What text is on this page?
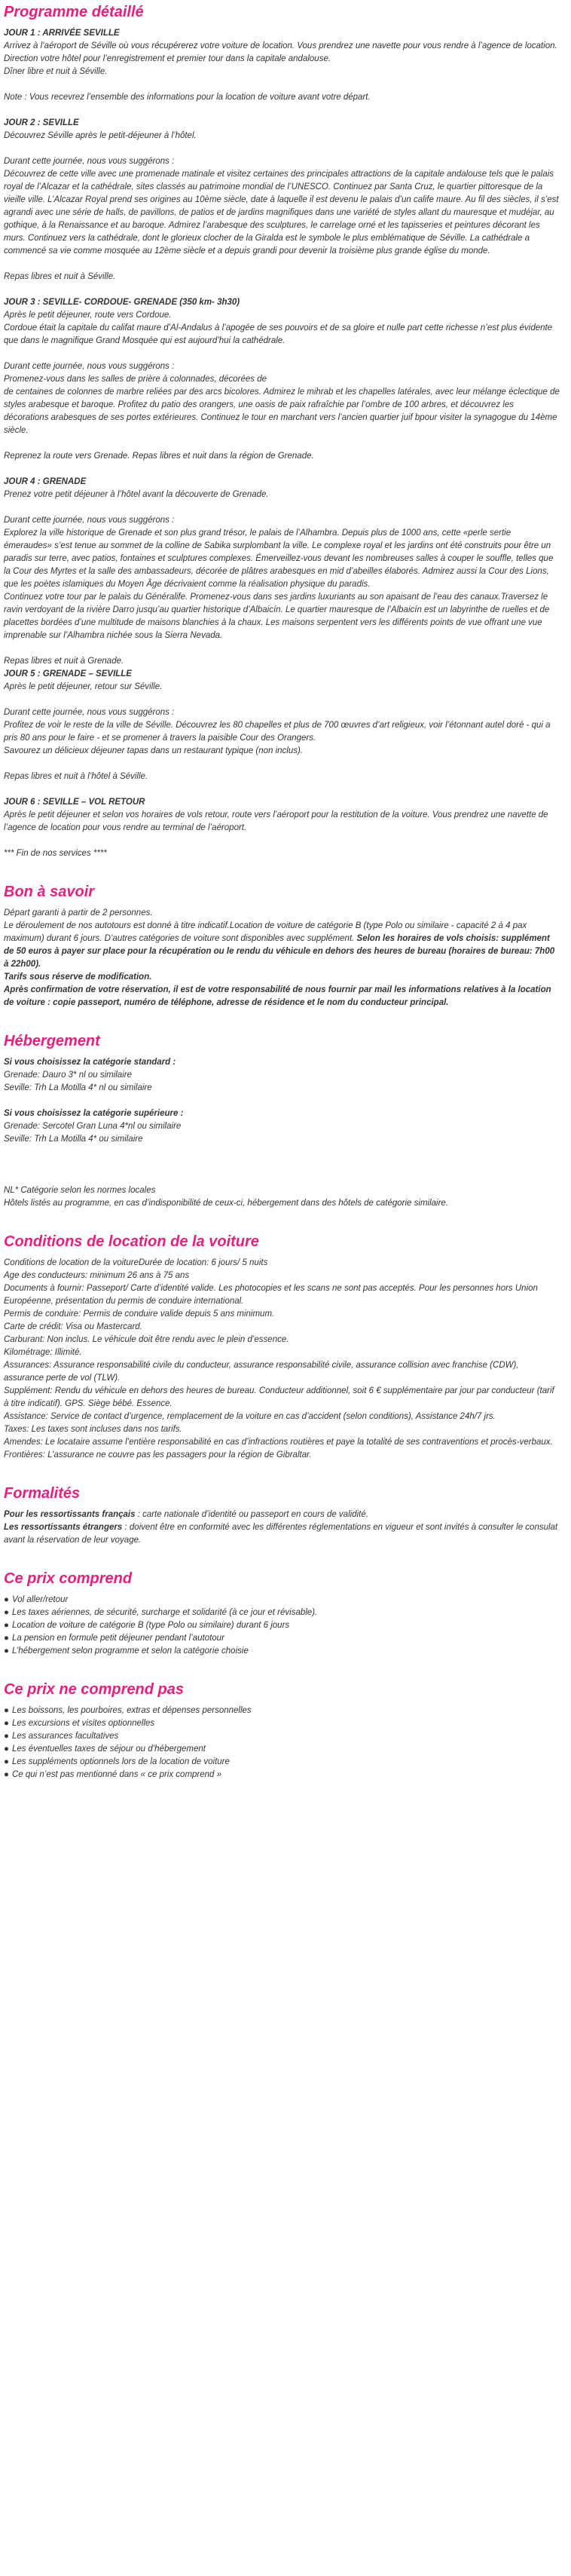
Programme détaillé
JOUR 1 : ARRIVÉE SEVILLE
Arrivez à l’aéroport de Séville où vous récupérerez votre voiture de location. Vous prendrez une navette pour vous rendre à l’agence de location.
Direction votre hôtel pour l’enregistrement et premier tour dans la capitale andalouse.
Dîner libre et nuit à Séville.
Note : Vous recevrez l’ensemble des informations pour la location de voiture avant votre départ.
JOUR 2 : SEVILLE
Découvrez Séville après le petit-déjeuner à l’hôtel.
Durant cette journée, nous vous suggérons :
Découvrez de cette ville avec une promenade matinale et visitez certaines des principales attractions de la capitale andalouse tels que le palais royal de l’Alcazar et la cathédrale, sites classés au patrimoine mondial de l’UNESCO. Continuez par Santa Cruz, le quartier pittoresque de la vieille ville. L’Alcazar Royal prend ses origines au 10ème siècle, date à laquelle il est devenu le palais d’un calife maure. Au fil des siècles, il s’est agrandi avec une série de halls, de pavillons, de patios et de jardins magnifiques dans une variété de styles allant du mauresque et mudéjar, au gothique, à la Renaissance et au baroque. Admirez l’arabesque des sculptures, le carrelage orné et les tapisseries et peintures décorant les murs. Continuez vers la cathédrale, dont le glorieux clocher de la Giralda est le symbole le plus emblématique de Séville. La cathédrale a commencé sa vie comme mosquée au 12ème siècle et a depuis grandi pour devenir la troisième plus grande église du monde.
Repas libres et nuit à Séville.
JOUR 3 : SEVILLE- CORDOUE- GRENADE (350 km- 3h30)
Après le petit déjeuner, route vers Cordoue.
Cordoue était la capitale du califat maure d’Al-Andalus à l’apogée de ses pouvoirs et de sa gloire et nulle part cette richesse n’est plus évidente que dans le magnifique Grand Mosquée qui est aujourd’hui la cathédrale.
Durant cette journée, nous vous suggérons :
Promenez-vous dans les salles de prière à colonnades, décorées de
de centaines de colonnes de marbre reliées par des arcs bicolores. Admirez le mihrab et les chapelles latérales, avec leur mélange éclectique de styles arabesque et baroque. Profitez du patio des orangers, une oasis de paix rafraîchie par l’ombre de 100 arbres, et découvrez les décorations arabesques de ses portes extérieures. Continuez le tour en marchant vers l’ancien quartier juif bpour visiter la synagogue du 14ème siècle.
Reprenez la route vers Grenade. Repas libres et nuit dans la région de Grenade.
JOUR 4 : GRENADE
Prenez votre petit déjeuner à l’hôtel avant la découverte de Grenade.
Durant cette journée, nous vous suggérons :
Explorez la ville historique de Grenade et son plus grand trésor, le palais de l’Alhambra. Depuis plus de 1000 ans, cette «perle sertie émeraudes» s’est tenue au sommet de la colline de Sabika surplombant la ville. Le complexe royal et les jardins ont été construits pour être un paradis sur terre, avec patios, fontaines et sculptures complexes. Émerveillez-vous devant les nombreuses salles à couper le souffle, telles que la Cour des Myrtes et la salle des ambassadeurs, décorée de plâtres arabesques en mid d’abeilles élaborés. Admirez aussi la Cour des Lions, que les poètes islamiques du Moyen Âge décrivaient comme la réalisation physique du paradis.
Continuez votre tour par le palais du Généralife. Promenez-vous dans ses jardins luxuriants au son apaisant de l’eau des canaux.Traversez le ravin verdoyant de la rivière Darro jusqu’au quartier historique d’Albaicín. Le quartier mauresque de l’Albaicín est un labyrinthe de ruelles et de placettes bordées d’une multitude de maisons blanchies à la chaux. Les maisons serpentent vers les différents points de vue offrant une vue imprenable sur l’Alhambra nichée sous la Sierra Nevada.
Repas libres et nuit à Grenade.
JOUR 5 : GRENADE – SEVILLE
Après le petit déjeuner, retour sur Séville.
Durant cette journée, nous vous suggérons :
Profitez de voir le reste de la ville de Séville. Découvrez les 80 chapelles et plus de 700 œuvres d’art religieux, voir l’étonnant autel doré - qui a pris 80 ans pour le faire - et se promener à travers la paisible Cour des Orangers.
Savourez un délicieux déjeuner tapas dans un restaurant typique (non inclus).
Repas libres et nuit à l’hôtel à Séville.
JOUR 6 : SEVILLE – VOL RETOUR
Après le petit déjeuner et selon vos horaires de vols retour, route vers l’aéroport pour la restitution de la voiture. Vous prendrez une navette de l’agence de location pour vous rendre au terminal de l’aéroport.
*** Fin de nos services ****
Bon à savoir
Départ garanti à partir de 2 personnes.
Le déroulement de nos autotours est donné à titre indicatif.Location de voiture de catégorie B (type Polo ou similaire - capacité 2 à 4 pax maximum) durant 6 jours. D’autres catégories de voiture sont disponibles avec supplément. Selon les horaires de vols choisis: supplément de 50 euros à payer sur place pour la récupération ou le rendu du véhicule en dehors des heures de bureau (horaires de bureau: 7h00 à 22h00).
Tarifs sous réserve de modification.
Après confirmation de votre réservation, il est de votre responsabilité de nous fournir par mail les informations relatives à la location de voiture : copie passeport, numéro de téléphone, adresse de résidence et le nom du conducteur principal.
Hébergement
Si vous choisissez la catégorie standard :
Grenade: Dauro 3* nl ou similaire
Seville: Trh La Motilla 4* nl ou similaire
Si vous choisissez la catégorie supérieure :
Grenade: Sercotel Gran Luna 4*nl ou similaire
Seville: Trh La Motilla 4* ou similaire
NL* Catégorie selon les normes locales
Hôtels listés au programme, en cas d’indisponibilité de ceux-ci, hébergement dans des hôtels de catégorie similaire.
Conditions de location de la voiture
Conditions de location de la voitureDurée de location: 6 jours/ 5 nuits
Age des conducteurs: minimum 26 ans à 75 ans
Documents à fournir: Passeport/ Carte d’identité valide. Les photocopies et les scans ne sont pas acceptés. Pour les personnes hors Union Européenne, présentation du permis de conduire international.
Permis de conduire: Permis de conduire valide depuis 5 ans minimum.
Carte de crédit: Visa ou Mastercard.
Carburant: Non inclus. Le véhicule doit être rendu avec le plein d’essence.
Kilométrage: Illimité.
Assurances: Assurance responsabilité civile du conducteur, assurance responsabilité civile, assurance collision avec franchise (CDW), assurance perte de vol (TLW).
Supplément: Rendu du véhicule en dehors des heures de bureau. Conducteur additionnel, soit 6 € supplémentaire par jour par conducteur (tarif à titre indicatif). GPS. Siège bébé. Essence.
Assistance: Service de contact d’urgence, remplacement de la voiture en cas d’accident (selon conditions), Assistance 24h/7 jrs.
Taxes: Les taxes sont incluses dans nos tarifs.
Amendes: Le locataire assume l’entière responsabilité en cas d’infractions routières et paye la totalité de ses contraventions et procès-verbaux.
Frontières: L’assurance ne couvre pas les passagers pour la région de Gibraltar.
Formalités
Pour les ressortissants français : carte nationale d’identité ou passeport en cours de validité.
Les ressortissants étrangers : doivent être en conformité avec les différentes réglementations en vigueur et sont invités à consulter le consulat avant la réservation de leur voyage.
Ce prix comprend
● Vol aller/retour
● Les taxes aériennes, de sécurité, surcharge et solidarité (à ce jour et révisable).
● Location de voiture de catégorie B (type Polo ou similaire) durant 6 jours
● La pension en formule petit déjeuner pendant l’autotour
● L’hébergement selon programme et selon la catégorie choisie
Ce prix ne comprend pas
● Les boissons, les pourboires, extras et dépenses personnelles
● Les excursions et visites optionnelles
● Les assurances facultatives
● Les éventuelles taxes de séjour ou d’hébergement
● Les suppléments optionnels lors de la location de voiture
● Ce qui n’est pas mentionné dans « ce prix comprend »
